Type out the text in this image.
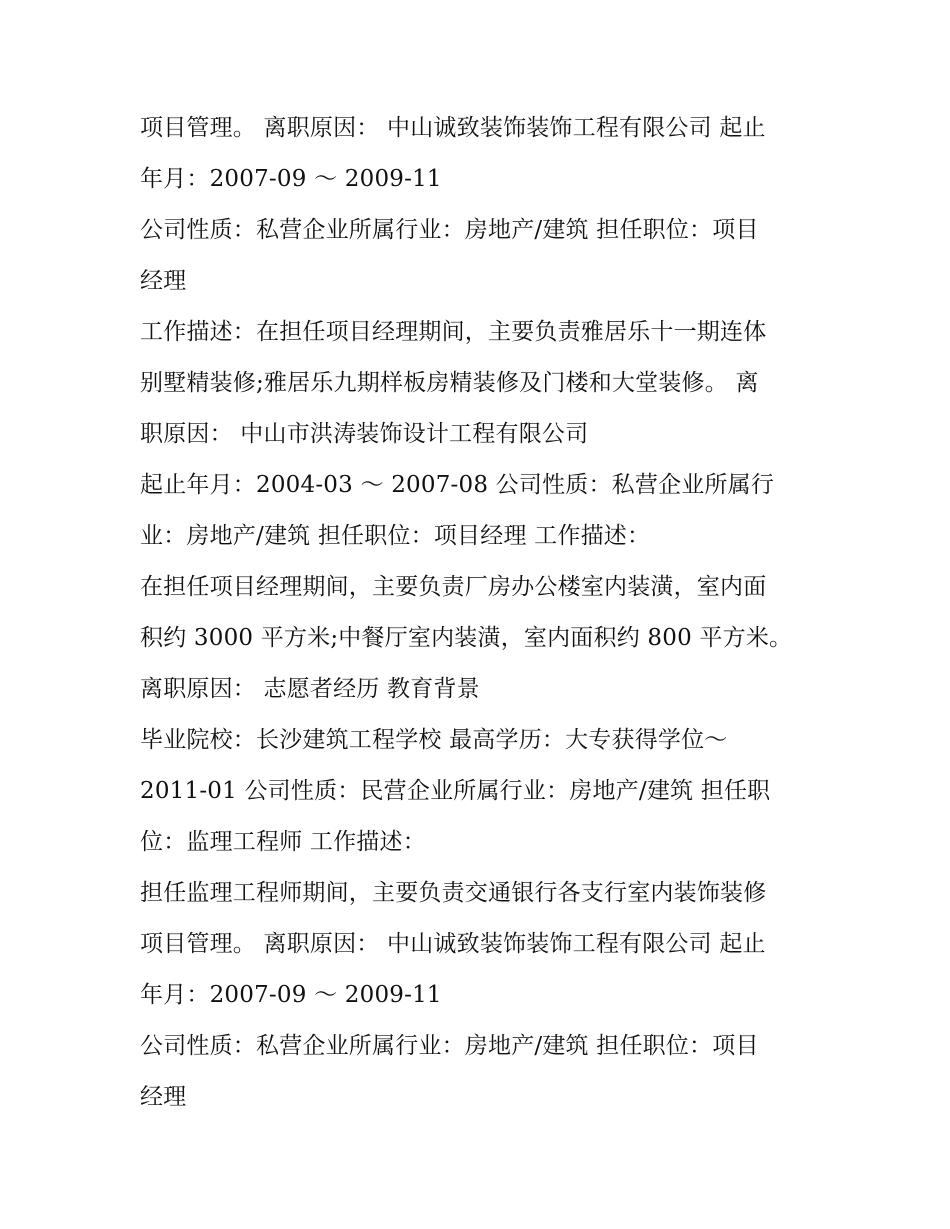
项目管理。 离职原因： 中山诚致装饰装饰工程有限公司 起止
年月：2007-09 ～ 2009-11
公司性质：私营企业所属行业：房地产/建筑 担任职位：项目
经理
工作描述：在担任项目经理期间，主要负责雅居乐十一期连体
别墅精装修;雅居乐九期样板房精装修及门楼和大堂装修。 离
职原因： 中山市洪涛装饰设计工程有限公司
起止年月：2004-03 ～ 2007-08 公司性质：私营企业所属行
业：房地产/建筑 担任职位：项目经理 工作描述：
在担任项目经理期间，主要负责厂房办公楼室内装潢，室内面
积约 3000 平方米;中餐厅室内装潢，室内面积约 800 平方米。
离职原因： 志愿者经历 教育背景
毕业院校：长沙建筑工程学校 最高学历：大专获得学位～
2011-01 公司性质：民营企业所属行业：房地产/建筑 担任职
位：监理工程师 工作描述：
担任监理工程师期间，主要负责交通银行各支行室内装饰装修
项目管理。 离职原因： 中山诚致装饰装饰工程有限公司 起止
年月：2007-09 ～ 2009-11
公司性质：私营企业所属行业：房地产/建筑 担任职位：项目
经理
